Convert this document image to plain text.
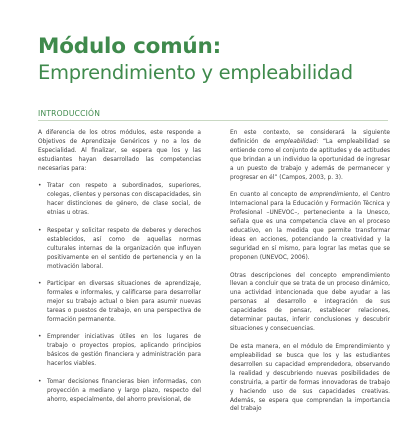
Módulo común:
Emprendimiento y empleabilidad
INTRODUCCIÓN

A diferencia de los otros módulos, este responde a Objetivos de Aprendizaje Genéricos y no a los de Especialidad. Al finalizar, se espera que los y las estudiantes hayan desarrollado las competencias necesarias para:

• Tratar con respeto a subordinados, superiores, colegas, clientes y personas con discapacidades, sin hacer distinciones de género, de clase social, de etnias u otras.
• Respetar y solicitar respeto de deberes y derechos establecidos, así como de aquellas normas culturales internas de la organización que influyen positivamente en el sentido de pertenencia y en la motivación laboral.
• Participar en diversas situaciones de aprendizaje, formales e informales, y calificarse para desarrollar mejor su trabajo actual o bien para asumir nuevas tareas o puestos de trabajo, en una perspectiva de formación permanente.
• Emprender iniciativas útiles en los lugares de trabajo o proyectos propios, aplicando principios básicos de gestión financiera y administración para hacerlos viables.
• Tomar decisiones financieras bien informadas, con proyección a mediano y largo plazo, respecto del ahorro, especialmente, del ahorro previsional, de

En este contexto, se considerará la siguiente definición de empleabilidad: “La empleabilidad se entiende como el conjunto de aptitudes y de actitudes que brindan a un individuo la oportunidad de ingresar a un puesto de trabajo y además de permanecer y progresar en él” (Campos, 2003, p. 3).

En cuanto al concepto de emprendimiento, el Centro Internacional para la Educación y Formación Técnica y Profesional –UNEVOC–, perteneciente a la Unesco, señala que es una competencia clave en el proceso educativo, en la medida que permite transformar ideas en acciones, potenciando la creatividad y la seguridad en sí mismo, para lograr las metas que se proponen (UNEVOC, 2006).

Otras descripciones del concepto emprendimiento llevan a concluir que se trata de un proceso dinámico, una actividad intencionada que debe ayudar a las personas al desarrollo e integración de sus capacidades de pensar, establecer relaciones, determinar pautas, inferir conclusiones y descubrir situaciones y consecuencias.

De esta manera, en el módulo de Emprendimiento y empleabilidad se busca que los y las estudiantes desarrollen su capacidad emprendedora, observando la realidad y descubriendo nuevas posibilidades de construirla, a partir de formas innovadoras de trabajo y haciendo uso de sus capacidades creativas. Además, se espera que comprendan la importancia del trabajo
